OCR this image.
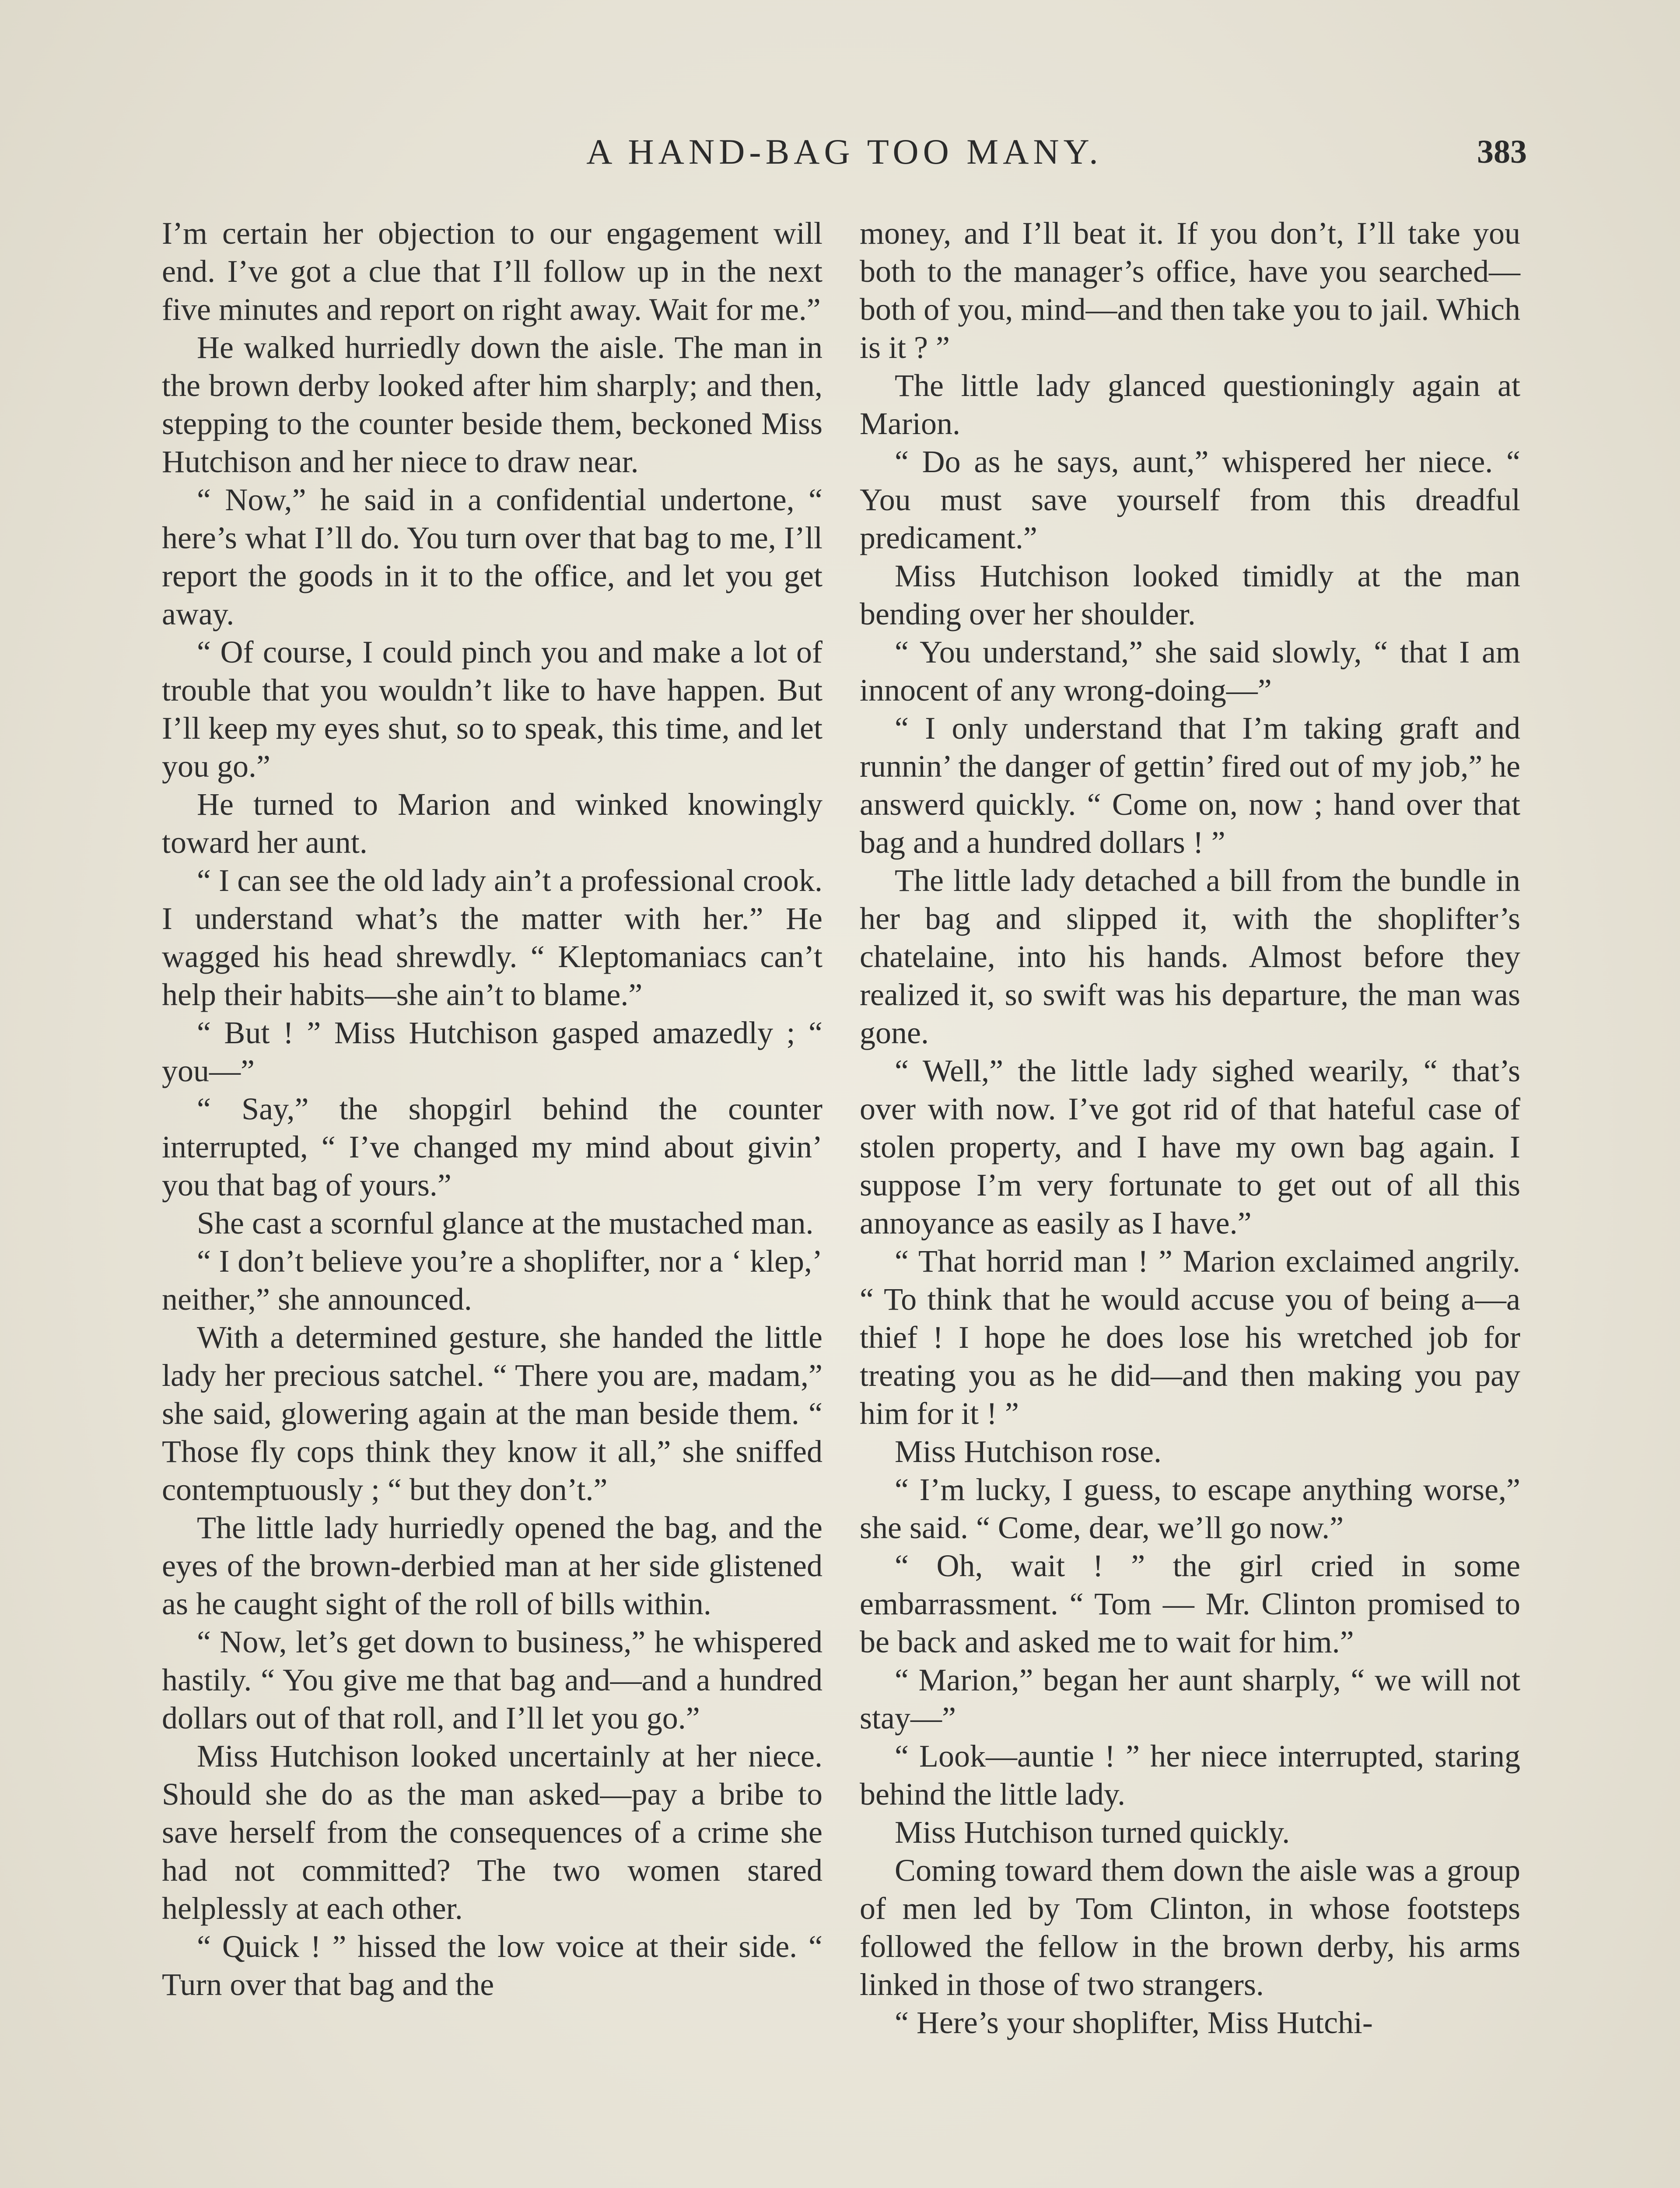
A HAND-BAG TOO MANY.	383

I’m certain her objection to our engagement will end. I’ve got a clue that I’ll follow up in the next five minutes and report on right away. Wait for me.”

He walked hurriedly down the aisle. The man in the brown derby looked after him sharply; and then, stepping to the counter beside them, beckoned Miss Hutchison and her niece to draw near.

“ Now,” he said in a confidential undertone, “ here’s what I’ll do. You turn over that bag to me, I’ll report the goods in it to the office, and let you get away.

“ Of course, I could pinch you and make a lot of trouble that you wouldn’t like to have happen. But I’ll keep my eyes shut, so to speak, this time, and let you go.”

He turned to Marion and winked knowingly toward her aunt.

“ I can see the old lady ain’t a professional crook. I understand what’s the matter with her.” He wagged his head shrewdly. “ Kleptomaniacs can’t help their habits—she ain’t to blame.”

“ But ! ” Miss Hutchison gasped amazedly ; “ you—”

“ Say,” the shopgirl behind the counter interrupted, “ I’ve changed my mind about givin’ you that bag of yours.”

She cast a scornful glance at the mustached man.

“ I don’t believe you’re a shoplifter, nor a ‘ klep,’ neither,” she announced.

With a determined gesture, she handed the little lady her precious satchel. “ There you are, madam,” she said, glowering again at the man beside them. “ Those fly cops think they know it all,” she sniffed contemptuously ; “ but they don’t.”

The little lady hurriedly opened the bag, and the eyes of the brown-derbied man at her side glistened as he caught sight of the roll of bills within.

“ Now, let’s get down to business,” he whispered hastily. “ You give me that bag and—and a hundred dollars out of that roll, and I’ll let you go.”

Miss Hutchison looked uncertainly at her niece. Should she do as the man asked—pay a bribe to save herself from the consequences of a crime she had not committed? The two women stared helplessly at each other.

“ Quick ! ” hissed the low voice at their side. “ Turn over that bag and the

money, and I’ll beat it. If you don’t, I’ll take you both to the manager’s office, have you searched—both of you, mind—and then take you to jail. Which is it ? ”

The little lady glanced questioningly again at Marion.

“ Do as he says, aunt,” whispered her niece. “ You must save yourself from this dreadful predicament.”

Miss Hutchison looked timidly at the man bending over her shoulder.

“ You understand,” she said slowly, “ that I am innocent of any wrong-doing—”

“ I only understand that I’m taking graft and runnin’ the danger of gettin’ fired out of my job,” he answerd quickly. “ Come on, now ; hand over that bag and a hundred dollars ! ”

The little lady detached a bill from the bundle in her bag and slipped it, with the shoplifter’s chatelaine, into his hands. Almost before they realized it, so swift was his departure, the man was gone.

“ Well,” the little lady sighed wearily, “ that’s over with now. I’ve got rid of that hateful case of stolen property, and I have my own bag again. I suppose I’m very fortunate to get out of all this annoyance as easily as I have.”

“ That horrid man ! ” Marion exclaimed angrily. “ To think that he would accuse you of being a—a thief ! I hope he does lose his wretched job for treating you as he did—and then making you pay him for it ! ”

Miss Hutchison rose.

“ I’m lucky, I guess, to escape anything worse,” she said. “ Come, dear, we’ll go now.”

“ Oh, wait ! ” the girl cried in some embarrassment. “ Tom — Mr. Clinton promised to be back and asked me to wait for him.”

“ Marion,” began her aunt sharply, “ we will not stay—”

“ Look—auntie ! ” her niece interrupted, staring behind the little lady.

Miss Hutchison turned quickly.

Coming toward them down the aisle was a group of men led by Tom Clinton, in whose footsteps followed the fellow in the brown derby, his arms linked in those of two strangers.

“ Here’s your shoplifter, Miss Hutchi-
